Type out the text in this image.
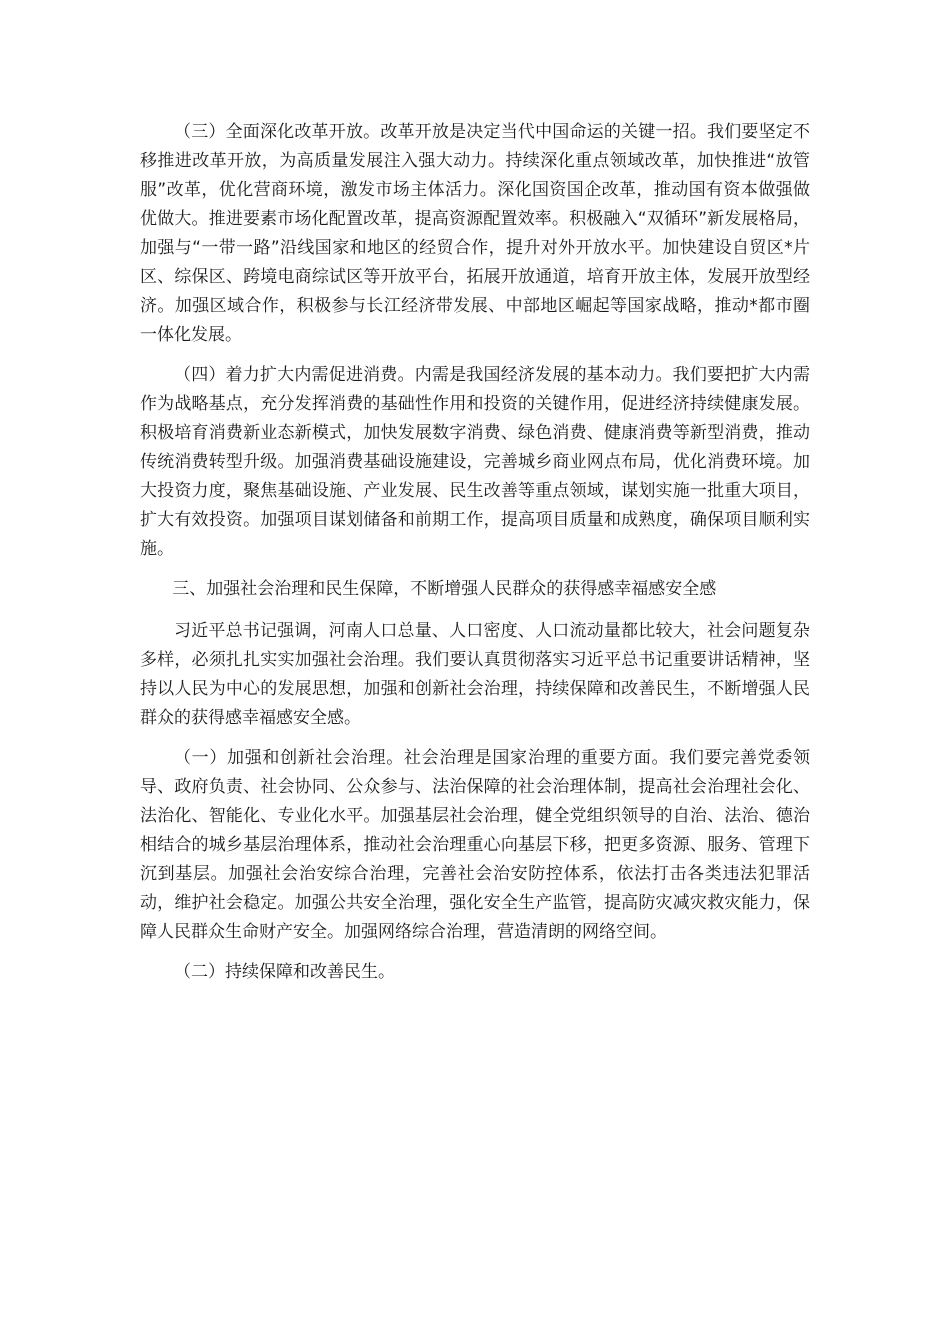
（三）全面深化改革开放。改革开放是决定当代中国命运的关键一招。我们要坚定不移推进改革开放，为高质量发展注入强大动力。持续深化重点领域改革，加快推进“放管服”改革，优化营商环境，激发市场主体活力。深化国资国企改革，推动国有资本做强做优做大。推进要素市场化配置改革，提高资源配置效率。积极融入“双循环”新发展格局，加强与“一带一路”沿线国家和地区的经贸合作，提升对外开放水平。加快建设自贸区*片区、综保区、跨境电商综试区等开放平台，拓展开放通道，培育开放主体，发展开放型经济。加强区域合作，积极参与长江经济带发展、中部地区崛起等国家战略，推动*都市圈一体化发展。

（四）着力扩大内需促进消费。内需是我国经济发展的基本动力。我们要把扩大内需作为战略基点，充分发挥消费的基础性作用和投资的关键作用，促进经济持续健康发展。积极培育消费新业态新模式，加快发展数字消费、绿色消费、健康消费等新型消费，推动传统消费转型升级。加强消费基础设施建设，完善城乡商业网点布局，优化消费环境。加大投资力度，聚焦基础设施、产业发展、民生改善等重点领域，谋划实施一批重大项目，扩大有效投资。加强项目谋划储备和前期工作，提高项目质量和成熟度，确保项目顺利实施。

三、加强社会治理和民生保障，不断增强人民群众的获得感幸福感安全感

习近平总书记强调，河南人口总量、人口密度、人口流动量都比较大，社会问题复杂多样，必须扎扎实实加强社会治理。我们要认真贯彻落实习近平总书记重要讲话精神，坚持以人民为中心的发展思想，加强和创新社会治理，持续保障和改善民生，不断增强人民群众的获得感幸福感安全感。

（一）加强和创新社会治理。社会治理是国家治理的重要方面。我们要完善党委领导、政府负责、社会协同、公众参与、法治保障的社会治理体制，提高社会治理社会化、法治化、智能化、专业化水平。加强基层社会治理，健全党组织领导的自治、法治、德治相结合的城乡基层治理体系，推动社会治理重心向基层下移，把更多资源、服务、管理下沉到基层。加强社会治安综合治理，完善社会治安防控体系，依法打击各类违法犯罪活动，维护社会稳定。加强公共安全治理，强化安全生产监管，提高防灾减灾救灾能力，保障人民群众生命财产安全。加强网络综合治理，营造清朗的网络空间。

（二）持续保障和改善民生。
